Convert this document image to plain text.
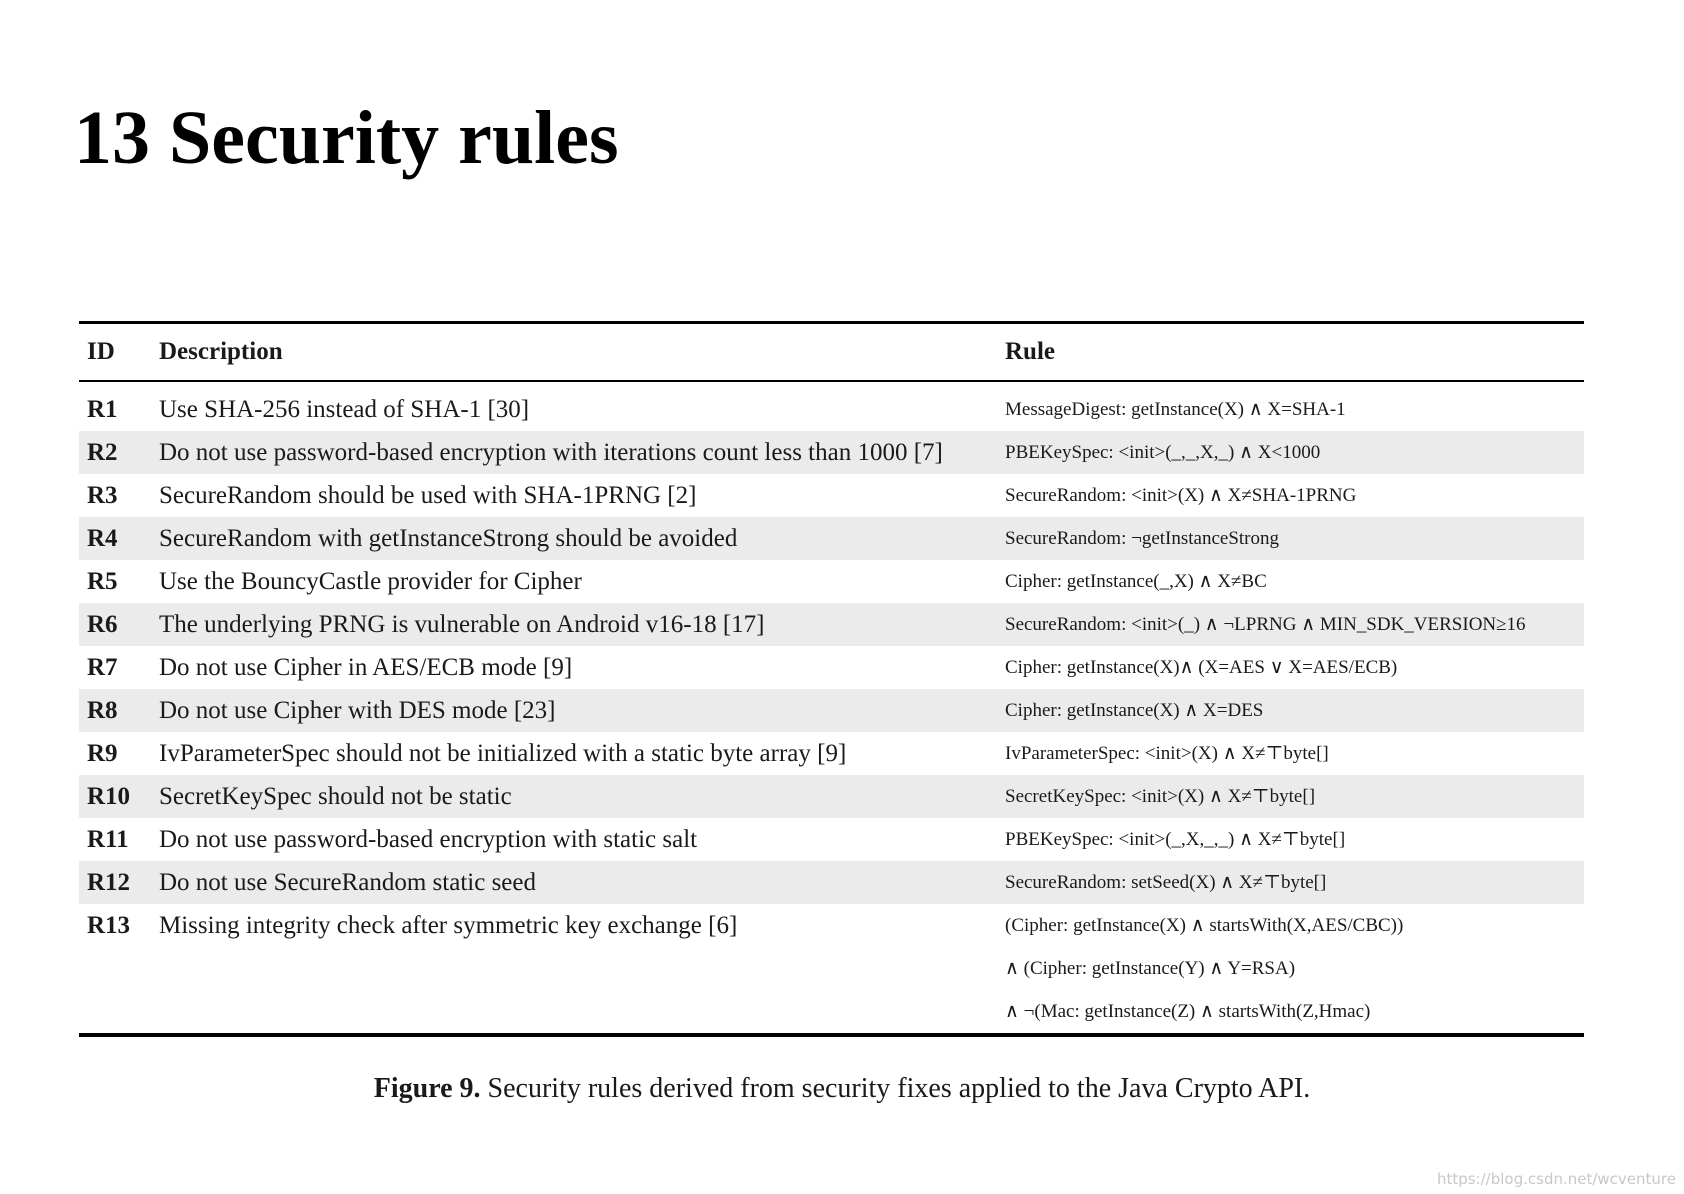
13 Security rules
ID	Description	Rule
R1	Use SHA-256 instead of SHA-1 [30]	MessageDigest: getInstance(X) ∧ X=SHA-1
R2	Do not use password-based encryption with iterations count less than 1000 [7]	PBEKeySpec: <init>(_,_,X,_) ∧ X<1000
R3	SecureRandom should be used with SHA-1PRNG [2]	SecureRandom: <init>(X) ∧ X≠SHA-1PRNG
R4	SecureRandom with getInstanceStrong should be avoided	SecureRandom: ¬getInstanceStrong
R5	Use the BouncyCastle provider for Cipher	Cipher: getInstance(_,X) ∧ X≠BC
R6	The underlying PRNG is vulnerable on Android v16-18 [17]	SecureRandom: <init>(_) ∧ ¬LPRNG ∧ MIN_SDK_VERSION≥16
R7	Do not use Cipher in AES/ECB mode [9]	Cipher: getInstance(X)∧ (X=AES ∨ X=AES/ECB)
R8	Do not use Cipher with DES mode [23]	Cipher: getInstance(X) ∧ X=DES
R9	IvParameterSpec should not be initialized with a static byte array [9]	IvParameterSpec: <init>(X) ∧ X≠⊤byte[]
R10	SecretKeySpec should not be static	SecretKeySpec: <init>(X) ∧ X≠⊤byte[]
R11	Do not use password-based encryption with static salt	PBEKeySpec: <init>(_,X,_,_) ∧ X≠⊤byte[]
R12	Do not use SecureRandom static seed	SecureRandom: setSeed(X) ∧ X≠⊤byte[]
R13	Missing integrity check after symmetric key exchange [6]	(Cipher: getInstance(X) ∧ startsWith(X,AES/CBC))
∧ (Cipher: getInstance(Y) ∧ Y=RSA)
∧ ¬(Mac: getInstance(Z) ∧ startsWith(Z,Hmac)
Figure 9. Security rules derived from security fixes applied to the Java Crypto API.
https://blog.csdn.net/wcventure
